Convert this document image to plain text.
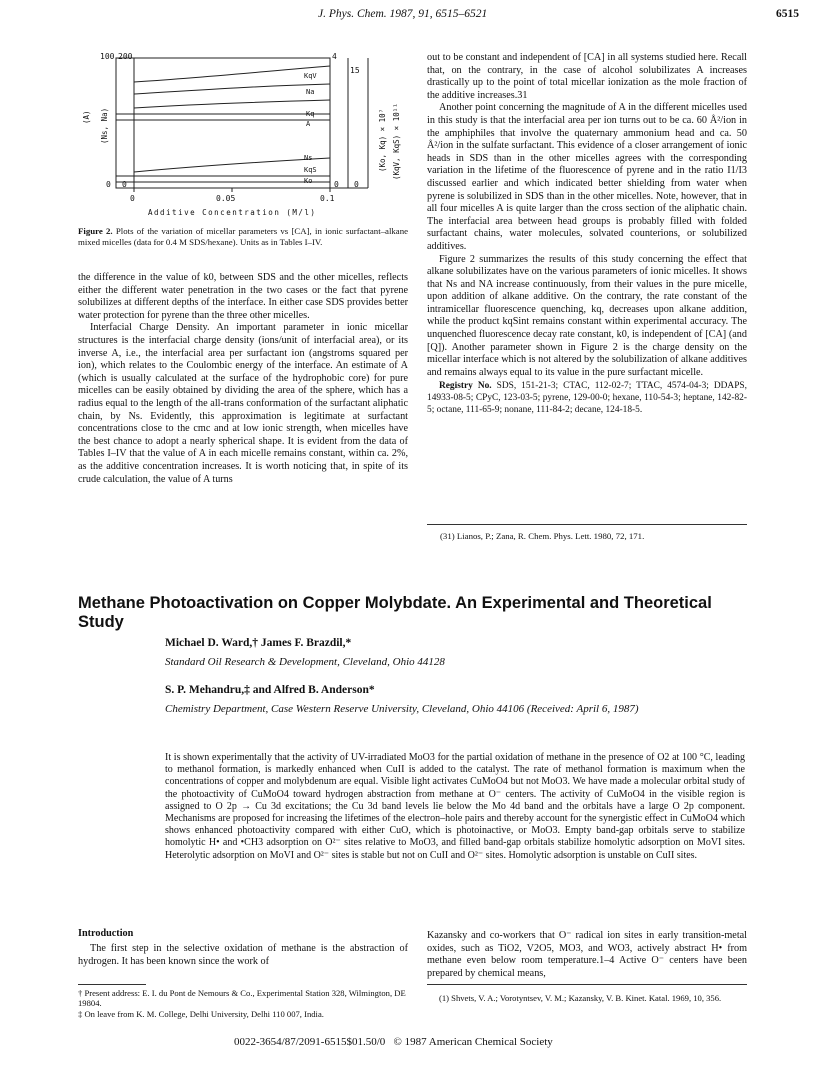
J. Phys. Chem. 1987, 91, 6515–6521	6515
100 200	4
15
(A) (Ns, Na)	(Ko, Kq) × 10⁷ (KqV, KqS) × 10¹¹
KqV
Na
Kq
A
Ns
KqS
Ko
0 0	0 0
0	0.05	0.1
Additive Concentration (M/l)
Figure 2. Plots of the variation of micellar parameters vs [CA], in ionic surfactant–alkane mixed micelles (data for 0.4 M SDS/hexane). Units as in Tables I–IV.

the difference in the value of k0, between SDS and the other micelles, reflects either the different water penetration in the two cases or the fact that pyrene solubilizes at different depths of the interface. In either case SDS provides better water protection for pyrene than the three other micelles.

Interfacial Charge Density. An important parameter in ionic micellar structures is the interfacial charge density (ions/unit of interfacial area), or its inverse A, i.e., the interfacial area per surfactant ion (angstroms squared per ion), which relates to the Coulombic energy of the interface. An estimate of A (which is usually calculated at the surface of the hydrophobic core) for pure micelles can be easily obtained by dividing the area of the sphere, which has a radius equal to the length of the all-trans conformation of the surfactant aliphatic chain, by Ns. Evidently, this approximation is legitimate at surfactant concentrations close to the cmc and at low ionic strength, when micelles have the best chance to adopt a nearly spherical shape. It is evident from the data of Tables I–IV that the value of A in each micelle remains constant, within ca. 2%, as the additive concentration increases. It is worth noticing that, in spite of its crude calculation, the value of A turns

out to be constant and independent of [CA] in all systems studied here. Recall that, on the contrary, in the case of alcohol solubilizates A increases drastically up to the point of total micellar ionization as the mole fraction of the additive increases.31

Another point concerning the magnitude of A in the different micelles used in this study is that the interfacial area per ion turns out to be ca. 60 Å²/ion in the amphiphiles that involve the quaternary ammonium head and ca. 50 Å²/ion in the sulfate surfactant. This evidence of a closer arrangement of ionic heads in SDS than in the other micelles agrees with the corresponding variation in the lifetime of the fluorescence of pyrene and in the ratio I1/I3 discussed earlier and which indicated better shielding from water when pyrene is solubilized in SDS than in the other micelles. Note, however, that in all four micelles A is quite larger than the cross section of the aliphatic chain. The interfacial area between head groups is probably filled with folded surfactant chains, water molecules, solvated counterions, or solubilized additives.

Figure 2 summarizes the results of this study concerning the effect that alkane solubilizates have on the various parameters of ionic micelles. It shows that Ns and NA increase continuously, from their values in the pure micelle, upon addition of alkane additive. On the contrary, the rate constant of the intramicellar fluorescence quenching, kq, decreases upon alkane addition, while the product kqSint remains constant within experimental accuracy. The unquenched fluorescence decay rate constant, k0, is independent of [CA] (and [Q]). Another parameter shown in Figure 2 is the charge density on the micellar interface which is not altered by the solubilization of alkane additives and remains always equal to its value in the pure surfactant micelle.

Registry No. SDS, 151-21-3; CTAC, 112-02-7; TTAC, 4574-04-3; DDAPS, 14933-08-5; CPyC, 123-03-5; pyrene, 129-00-0; hexane, 110-54-3; heptane, 142-82-5; octane, 111-65-9; nonane, 111-84-2; decane, 124-18-5.

(31) Lianos, P.; Zana, R. Chem. Phys. Lett. 1980, 72, 171.
Methane Photoactivation on Copper Molybdate. An Experimental and Theoretical Study
Michael D. Ward,† James F. Brazdil,*
Standard Oil Research & Development, Cleveland, Ohio 44128
S. P. Mehandru,‡ and Alfred B. Anderson*
Chemistry Department, Case Western Reserve University, Cleveland, Ohio 44106 (Received: April 6, 1987)
It is shown experimentally that the activity of UV-irradiated MoO3 for the partial oxidation of methane in the presence of O2 at 100 °C, leading to methanol formation, is markedly enhanced when CuII is added to the catalyst. The rate of methanol formation is maximum when the concentrations of copper and molybdenum are equal. Visible light activates CuMoO4 but not MoO3. We have made a molecular orbital study of the photoactivity of CuMoO4 toward hydrogen abstraction from methane at O⁻ centers. The activity of CuMoO4 in the visible region is assigned to O 2p → Cu 3d excitations; the Cu 3d band levels lie below the Mo 4d band and the orbitals have a large O 2p component. Mechanisms are proposed for increasing the lifetimes of the electron–hole pairs and thereby account for the synergistic effect in CuMoO4 which shows enhanced photoactivity compared with either CuO, which is photoinactive, or MoO3. Empty band-gap orbitals serve to stabilize homolytic H• and •CH3 adsorption on O²⁻ sites relative to MoO3, and filled band-gap orbitals stabilize homolytic adsorption on MoVI sites. Heterolytic adsorption on MoVI and O²⁻ sites is stable but not on CuII and O²⁻ sites. Homolytic adsorption is unstable on CuII sites.
Introduction
The first step in the selective oxidation of methane is the abstraction of hydrogen. It has been known since the work of
Kazansky and co-workers that O⁻ radical ion sites in early transition-metal oxides, such as TiO2, V2O5, MO3, and WO3, actively abstract H• from methane even below room temperature.1–4 Active O⁻ centers have been prepared by chemical means,
† Present address: E. I. du Pont de Nemours & Co., Experimental Station 328, Wilmington, DE 19804.
‡ On leave from K. M. College, Delhi University, Delhi 110 007, India.
(1) Shvets, V. A.; Vorotyntsev, V. M.; Kazansky, V. B. Kinet. Katal. 1969, 10, 356.
0022-3654/87/2091-6515$01.50/0   © 1987 American Chemical Society
